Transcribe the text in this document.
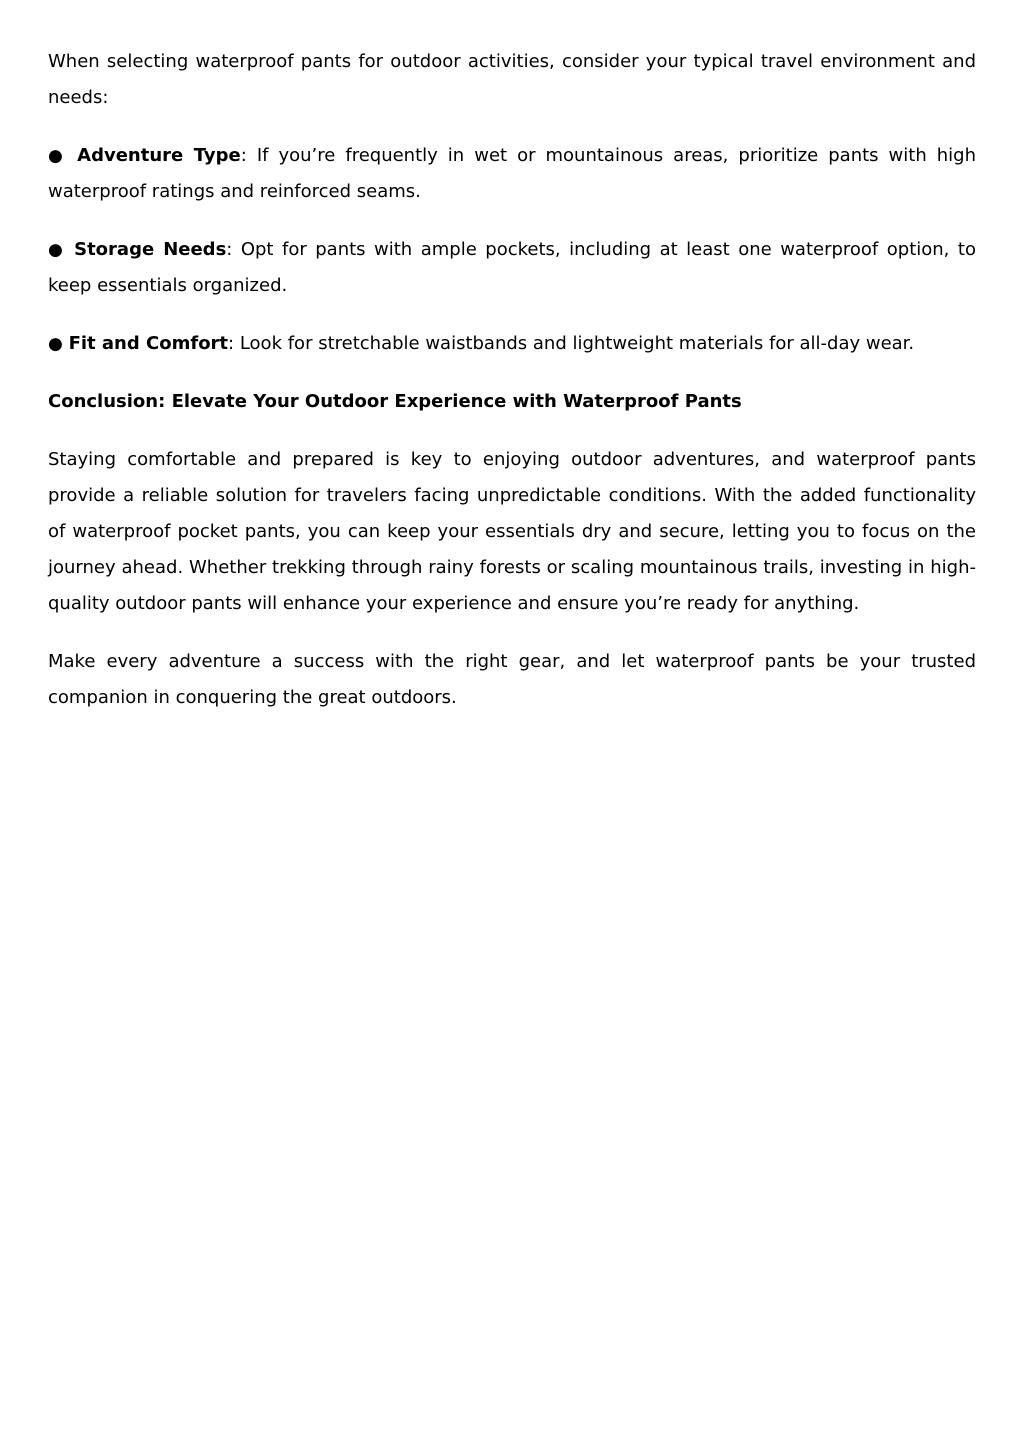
When selecting waterproof pants for outdoor activities, consider your typical travel environment and needs:

● Adventure Type: If you’re frequently in wet or mountainous areas, prioritize pants with high waterproof ratings and reinforced seams.

● Storage Needs: Opt for pants with ample pockets, including at least one waterproof option, to keep essentials organized.

● Fit and Comfort: Look for stretchable waistbands and lightweight materials for all-day wear.

Conclusion: Elevate Your Outdoor Experience with Waterproof Pants

Staying comfortable and prepared is key to enjoying outdoor adventures, and waterproof pants provide a reliable solution for travelers facing unpredictable conditions. With the added functionality of waterproof pocket pants, you can keep your essentials dry and secure, letting you to focus on the journey ahead. Whether trekking through rainy forests or scaling mountainous trails, investing in high-quality outdoor pants will enhance your experience and ensure you’re ready for anything.

Make every adventure a success with the right gear, and let waterproof pants be your trusted companion in conquering the great outdoors.
